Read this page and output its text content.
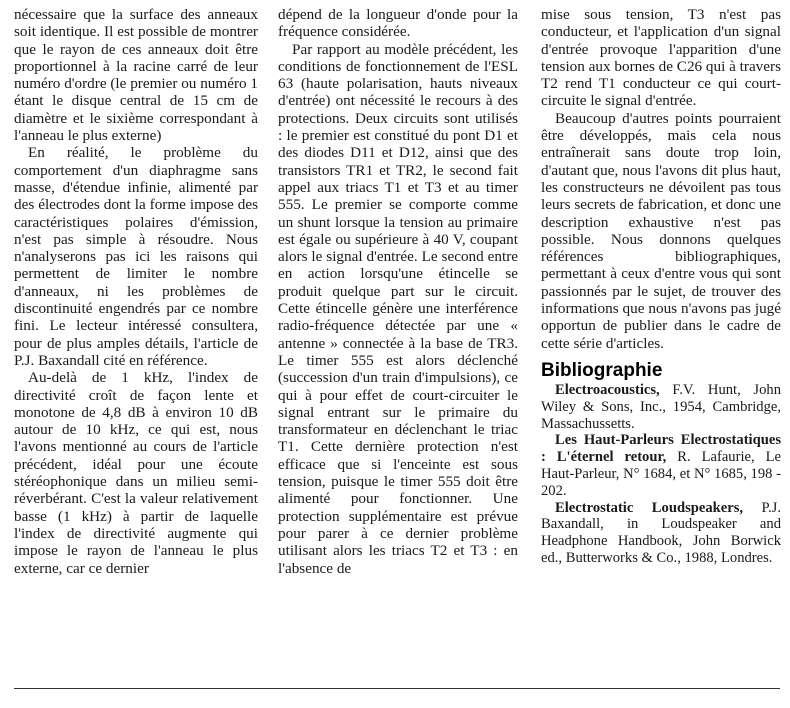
nécessaire que la surface des anneaux soit identique. Il est possible de montrer que le rayon de ces anneaux doit être proportionnel à la racine carré de leur numéro d'ordre (le premier ou numéro 1 étant le disque central de 15 cm de diamètre et le sixième correspondant à l'anneau le plus externe)

En réalité, le problème du comportement d'un diaphragme sans masse, d'étendue infinie, alimenté par des électrodes dont la forme impose des caractéristiques polaires d'émission, n'est pas simple à résoudre. Nous n'analyserons pas ici les raisons qui permettent de limiter le nombre d'anneaux, ni les problèmes de discontinuité engendrés par ce nombre fini. Le lecteur intéressé consultera, pour de plus amples détails, l'article de P.J. Baxandall cité en référence.

Au-delà de 1 kHz, l'index de directivité croît de façon lente et monotone de 4,8 dB à environ 10 dB autour de 10 kHz, ce qui est, nous l'avons mentionné au cours de l'article précédent, idéal pour une écoute stéréophonique dans un milieu semi-réverbérant. C'est la valeur relativement basse (1 kHz) à partir de laquelle l'index de directivité augmente qui impose le rayon de l'anneau le plus externe, car ce dernier

dépend de la longueur d'onde pour la fréquence considérée.

Par rapport au modèle précédent, les conditions de fonctionnement de l'ESL 63 (haute polarisation, hauts niveaux d'entrée) ont nécessité le recours à des protections. Deux circuits sont utilisés : le premier est constitué du pont D1 et des diodes D11 et D12, ainsi que des transistors TR1 et TR2, le second fait appel aux triacs T1 et T3 et au timer 555. Le premier se comporte comme un shunt lorsque la tension au primaire est égale ou supérieure à 40 V, coupant alors le signal d'entrée. Le second entre en action lorsqu'une étincelle se produit quelque part sur le circuit. Cette étincelle génère une interférence radio-fréquence détectée par une « antenne » connectée à la base de TR3. Le timer 555 est alors déclenché (succession d'un train d'impulsions), ce qui à pour effet de court-circuiter le signal entrant sur le primaire du transformateur en déclenchant le triac T1. Cette dernière protection n'est efficace que si l'enceinte est sous tension, puisque le timer 555 doit être alimenté pour fonctionner. Une protection supplémentaire est prévue pour parer à ce dernier problème utilisant alors les triacs T2 et T3 : en l'absence de

mise sous tension, T3 n'est pas conducteur, et l'application d'un signal d'entrée provoque l'apparition d'une tension aux bornes de C26 qui à travers T2 rend T1 conducteur ce qui court-circuite le signal d'entrée.

Beaucoup d'autres points pourraient être développés, mais cela nous entraînerait sans doute trop loin, d'autant que, nous l'avons dit plus haut, les constructeurs ne dévoilent pas tous leurs secrets de fabrication, et donc une description exhaustive n'est pas possible. Nous donnons quelques références bibliographiques, permettant à ceux d'entre vous qui sont passionnés par le sujet, de trouver des informations que nous n'avons pas jugé opportun de publier dans le cadre de cette série d'articles.

Bibliographie

Electroacoustics, F.V. Hunt, John Wiley & Sons, Inc., 1954, Cambridge, Massachussetts.

Les Haut-Parleurs Electrostatiques : L'éternel retour, R. Lafaurie, Le Haut-Parleur, N° 1684, et N° 1685, 198 - 202.

Electrostatic Loudspeakers, P.J. Baxandall, in Loudspeaker and Headphone Handbook, John Borwick ed., Butterworks & Co., 1988, Londres.
